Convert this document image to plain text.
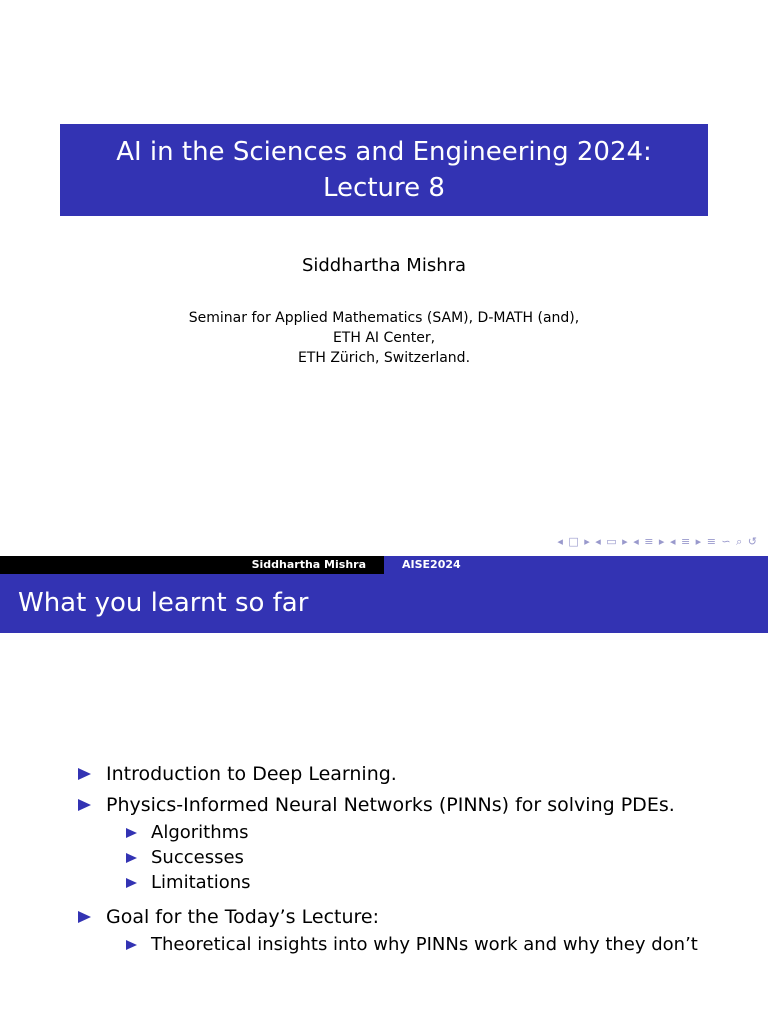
AI in the Sciences and Engineering 2024:
Lecture 8
Siddhartha Mishra
Seminar for Applied Mathematics (SAM), D-MATH (and),
ETH AI Center,
ETH Zürich, Switzerland.
◂ □ ▸ ◂ ▭ ▸ ◂ ≡ ▸ ◂ ≡ ▸ ≡ ∽ ⌕ ↺
Siddhartha Mishra	AISE2024
What you learnt so far
Introduction to Deep Learning.
Physics-Informed Neural Networks (PINNs) for solving PDEs.
Algorithms
Successes
Limitations
Goal for the Today’s Lecture:
Theoretical insights into why PINNs work and why they don’t
